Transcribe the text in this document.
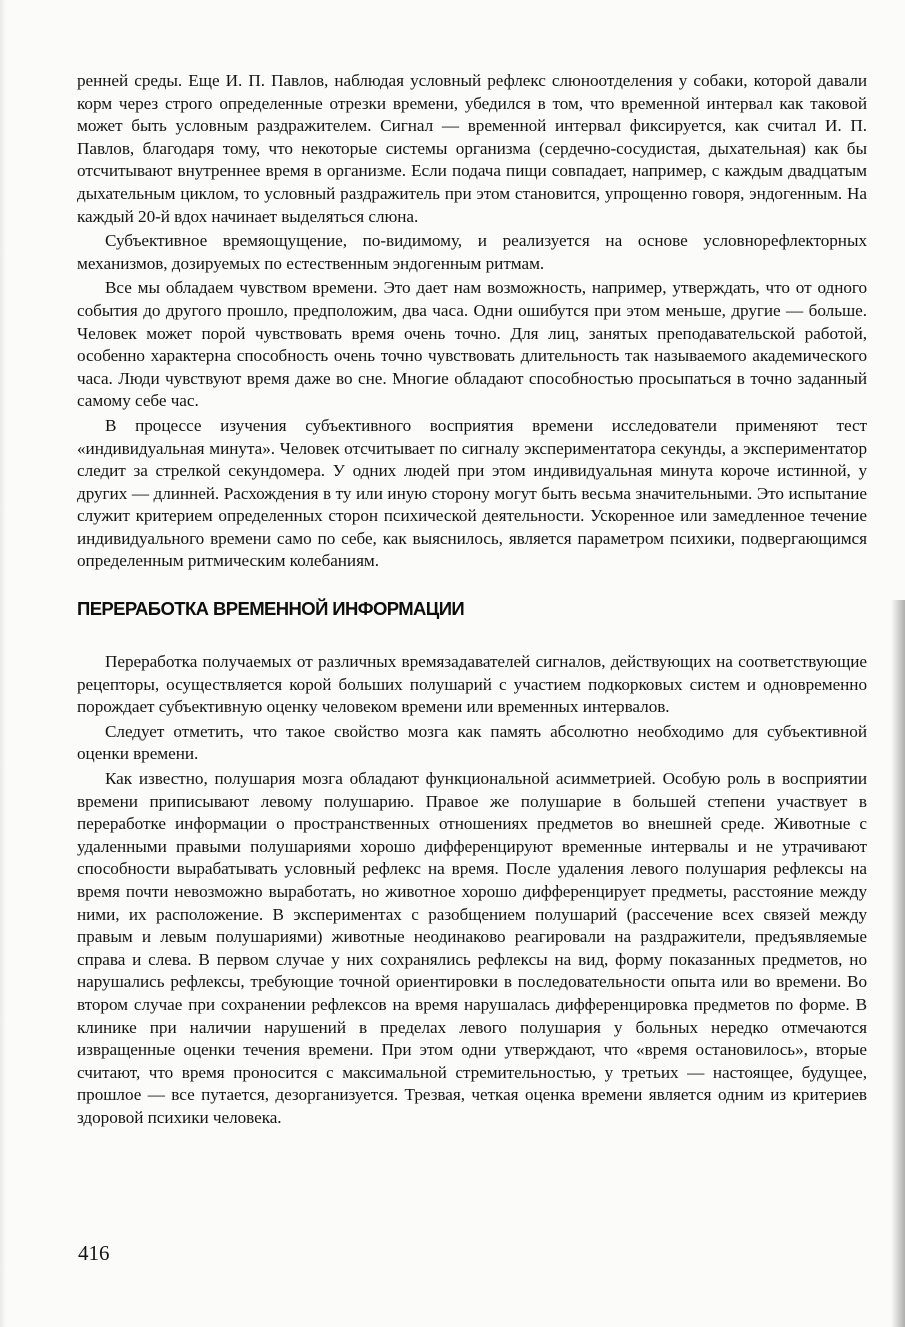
ренней среды. Еще И. П. Павлов, наблюдая условный рефлекс слюноотделения у собаки, которой давали корм через строго определенные отрезки времени, убедился в том, что временной интервал как таковой может быть условным раздражителем. Сигнал — временной интервал фиксируется, как считал И. П. Павлов, благодаря тому, что некоторые системы организма (сердечно-сосудистая, дыхательная) как бы отсчитывают внутреннее время в организме. Если подача пищи совпадает, например, с каждым двадцатым дыхательным циклом, то условный раздражитель при этом становится, упрощенно говоря, эндогенным. На каждый 20-й вдох начинает выделяться слюна.

Субъективное времяощущение, по-видимому, и реализуется на основе условнорефлекторных механизмов, дозируемых по естественным эндогенным ритмам.

Все мы обладаем чувством времени. Это дает нам возможность, например, утверждать, что от одного события до другого прошло, предположим, два часа. Одни ошибутся при этом меньше, другие — больше. Человек может порой чувствовать время очень точно. Для лиц, занятых преподавательской работой, особенно характерна способность очень точно чувствовать длительность так называемого академического часа. Люди чувствуют время даже во сне. Многие обладают способностью просыпаться в точно заданный самому себе час.

В процессе изучения субъективного восприятия времени исследователи применяют тест «индивидуальная минута». Человек отсчитывает по сигналу экспериментатора секунды, а экспериментатор следит за стрелкой секундомера. У одних людей при этом индивидуальная минута короче истинной, у других — длинней. Расхождения в ту или иную сторону могут быть весьма значительными. Это испытание служит критерием определенных сторон психической деятельности. Ускоренное или замедленное течение индивидуального времени само по себе, как выяснилось, является параметром психики, подвергающимся определенным ритмическим колебаниям.

ПЕРЕРАБОТКА ВРЕМЕННОЙ ИНФОРМАЦИИ

Переработка получаемых от различных времязадавателей сигналов, действующих на соответствующие рецепторы, осуществляется корой больших полушарий с участием подкорковых систем и одновременно порождает субъективную оценку человеком времени или временных интервалов.

Следует отметить, что такое свойство мозга как память абсолютно необходимо для субъективной оценки времени.

Как известно, полушария мозга обладают функциональной асимметрией. Особую роль в восприятии времени приписывают левому полушарию. Правое же полушарие в большей степени участвует в переработке информации о пространственных отношениях предметов во внешней среде. Животные с удаленными правыми полушариями хорошо дифференцируют временные интервалы и не утрачивают способности вырабатывать условный рефлекс на время. После удаления левого полушария рефлексы на время почти невозможно выработать, но животное хорошо дифференцирует предметы, расстояние между ними, их расположение. В экспериментах с разобщением полушарий (рассечение всех связей между правым и левым полушариями) животные неодинаково реагировали на раздражители, предъявляемые справа и слева. В первом случае у них сохранялись рефлексы на вид, форму показанных предметов, но нарушались рефлексы, требующие точной ориентировки в последовательности опыта или во времени. Во втором случае при сохранении рефлексов на время нарушалась дифференцировка предметов по форме. В клинике при наличии нарушений в пределах левого полушария у больных нередко отмечаются извращенные оценки течения времени. При этом одни утверждают, что «время остановилось», вторые считают, что время проносится с максимальной стремительностью, у третьих — настоящее, будущее, прошлое — все путается, дезорганизуется. Трезвая, четкая оценка времени является одним из критериев здоровой психики человека.

416
